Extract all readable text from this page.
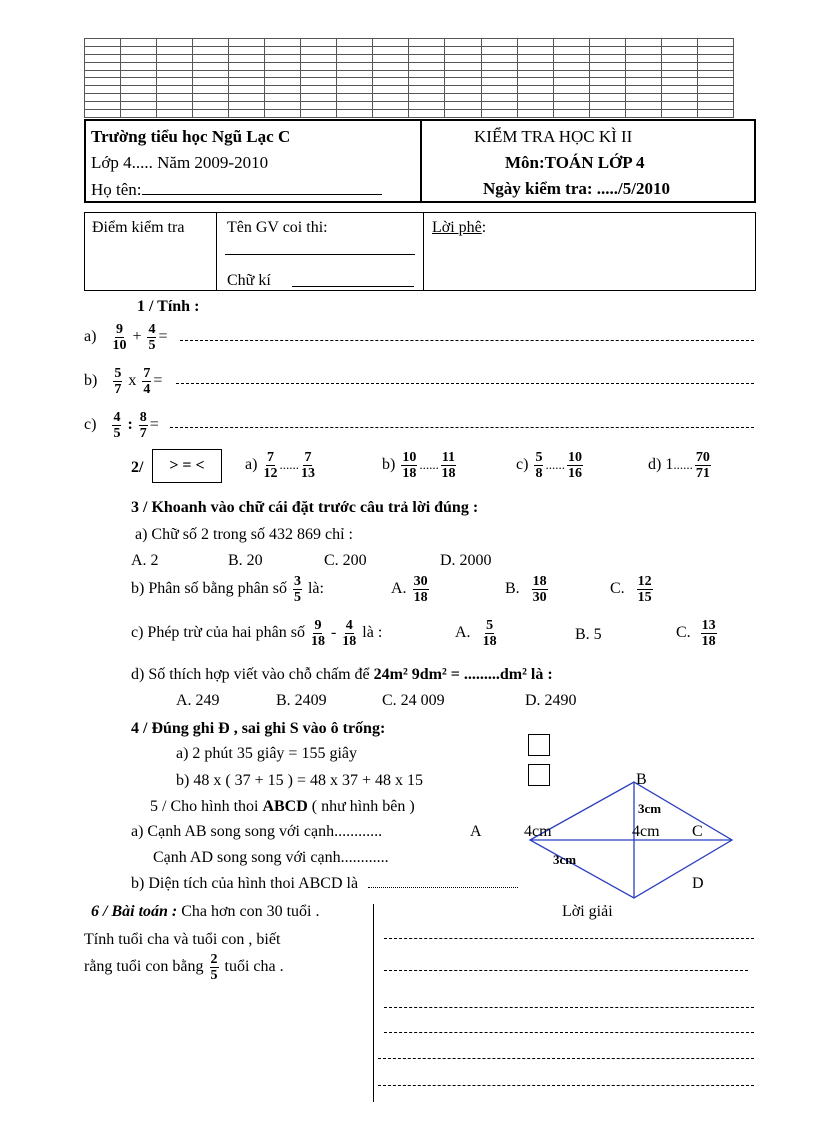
Trường tiểu học Ngũ Lạc C
Lớp 4..... Năm 2009-2010
Họ tên:
KIỂM TRA HỌC KÌ II
Môn:TOÁN LỚP 4
Ngày kiểm tra: ...../5/2010
Điểm kiểm tra	Tên GV coi thi:
Chữ kí
Lời phê:
1 / Tính :
$a) \frac{9}{10} + \frac{4}{5}$ =
$b) \frac{5}{7}$ x $\frac{7}{4}$ =
$c) \frac{4}{5}$ : $\frac{8}{7}$ =
2/	> = <	$a) \frac{7}{12}$ ...... $\frac{7}{13}$	$b) \frac{10}{18}$ ...... $\frac{11}{18}$	$c) \frac{5}{8}$ ...... $\frac{10}{16}$	d) 1...... $\frac{70}{71}$
3 / Khoanh vào chữ cái đặt trước câu trả lời đúng :
a) Chữ số 2 trong số 432 869 chỉ :
A. 2	B. 20	C. 200	D. 2000
b) Phân số bằng phân số $\frac{3}{5}$ là:	A. $\frac{30}{18}$	B. $\frac{18}{30}$	C. $\frac{12}{15}$
c) Phép trừ của hai phân số $\frac{9}{18} - \frac{4}{18}$ là :	A. $\frac{5}{18}$	B. 5	C. $\frac{13}{18}$
d) Số thích hợp viết vào chỗ chấm để 24m² 9dm² = .........dm² là :
A. 249	B. 2409	C. 24 009	D. 2490
4 / Đúng ghi Đ , sai ghi S vào ô trống:
a) 2 phút 35 giây = 155 giây
b) 48 x ( 37 + 15 ) = 48 x 37 + 48 x 15
5 / Cho hình thoi ABCD ( như hình bên )
a) Cạnh AB song song với cạnh............
Cạnh AD song song với cạnh............
b) Diện tích của hình thoi ABCD là
A
B
C
D
4cm	4cm
3cm
3cm
6 / Bài toán : Cha hơn con 30 tuổi .
Tính tuổi cha và tuổi con , biết
rằng tuổi con bằng $\frac{2}{5}$ tuổi cha .
Lời giải
